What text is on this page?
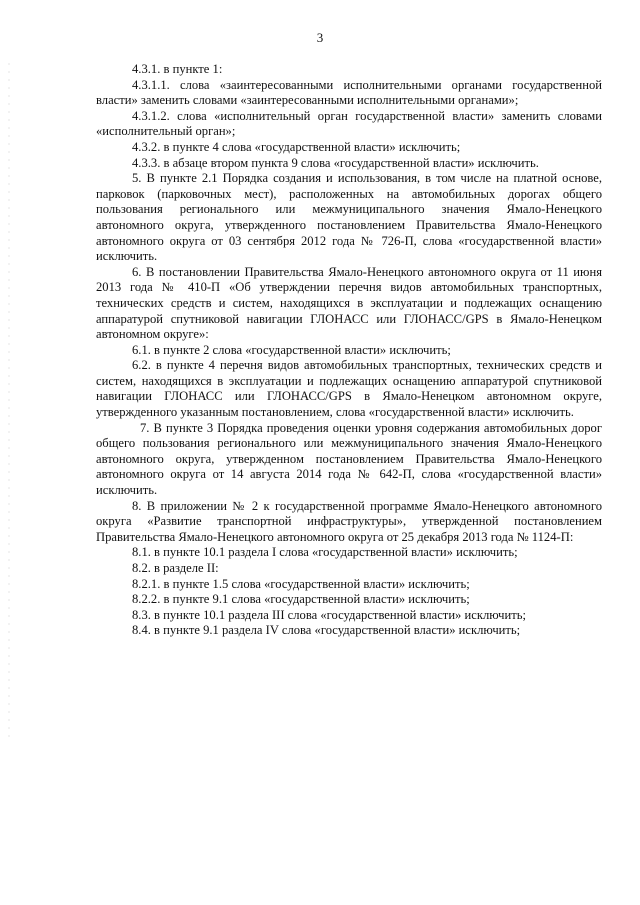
3

4.3.1. в пункте 1:

4.3.1.1. слова «заинтересованными исполнительными органами государственной власти» заменить словами «заинтересованными исполнительными органами»;

4.3.1.2. слова «исполнительный орган государственной власти» заменить словами «исполнительный орган»;

4.3.2. в пункте 4 слова «государственной власти» исключить;

4.3.3. в абзаце втором пункта 9 слова «государственной власти» исключить.

5. В пункте 2.1 Порядка создания и использования, в том числе на платной основе, парковок (парковочных мест), расположенных на автомобильных дорогах общего пользования регионального или межмуниципального значения Ямало-Ненецкого автономного округа, утвержденного постановлением Правительства Ямало-Ненецкого автономного округа от 03 сентября 2012 года № 726-П, слова «государственной власти» исключить.

6. В постановлении Правительства Ямало-Ненецкого автономного округа от 11 июня 2013 года № 410-П «Об утверждении перечня видов автомобильных транспортных, технических средств и систем, находящихся в эксплуатации и подлежащих оснащению аппаратурой спутниковой навигации ГЛОНАСС или ГЛОНАСС/GPS в Ямало-Ненецком автономном округе»:

6.1. в пункте 2 слова «государственной власти» исключить;

6.2. в пункте 4 перечня видов автомобильных транспортных, технических средств и систем, находящихся в эксплуатации и подлежащих оснащению аппаратурой спутниковой навигации ГЛОНАСС или ГЛОНАСС/GPS в Ямало-Ненецком автономном округе, утвержденного указанным постановлением, слова «государственной власти» исключить.

7. В пункте 3 Порядка проведения оценки уровня содержания автомобильных дорог общего пользования регионального или межмуниципального значения Ямало-Ненецкого автономного округа, утвержденном постановлением Правительства Ямало-Ненецкого автономного округа от 14 августа 2014 года № 642-П, слова «государственной власти» исключить.

8. В приложении № 2 к государственной программе Ямало-Ненецкого автономного округа «Развитие транспортной инфраструктуры», утвержденной постановлением Правительства Ямало-Ненецкого автономного округа от 25 декабря 2013 года № 1124-П:

8.1. в пункте 10.1 раздела I слова «государственной власти» исключить;

8.2. в разделе II:

8.2.1. в пункте 1.5 слова «государственной власти» исключить;

8.2.2. в пункте 9.1 слова «государственной власти» исключить;

8.3. в пункте 10.1 раздела III слова «государственной власти» исключить;

8.4. в пункте 9.1 раздела IV слова «государственной власти» исключить;
